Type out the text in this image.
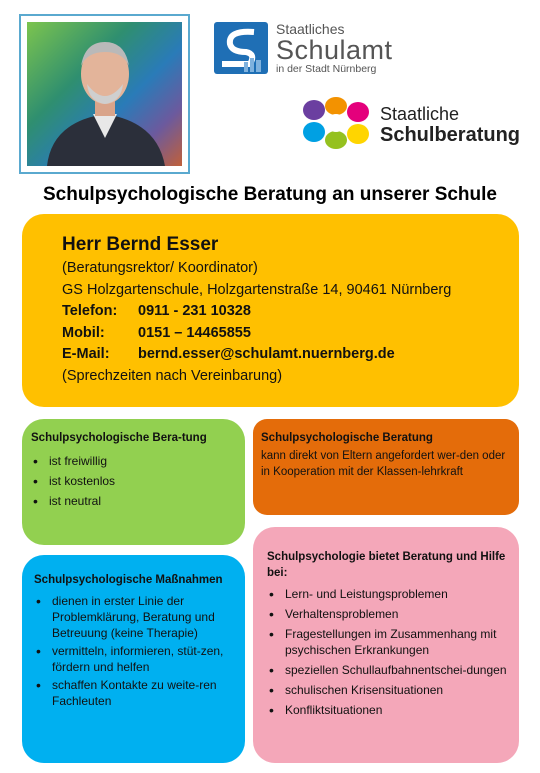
Staatliches
Schulamt
in der Stadt Nürnberg
Staatliche
Schulberatung
Schulpsychologische Beratung an unserer Schule
Herr Bernd Esser
(Beratungsrektor/ Koordinator)
GS Holzgartenschule, Holzgartenstraße 14, 90461 Nürnberg
Telefon: 0911 - 231 10328
Mobil: 0151 – 14465855
E-Mail: bernd.esser@schulamt.nuernberg.de
(Sprechzeiten nach Vereinbarung)
Schulpsychologische Bera-tung
• ist freiwillig
• ist kostenlos
• ist neutral
Schulpsychologische Beratung
kann direkt von Eltern angefordert wer-den oder in Kooperation mit der Klassen-lehrkraft
Schulpsychologische Maßnahmen
• dienen in erster Linie der Problemklärung, Beratung und Betreuung (keine Therapie)
• vermitteln, informieren, stüt-zen, fördern und helfen
• schaffen Kontakte zu weite-ren Fachleuten
Schulpsychologie bietet Beratung und Hilfe bei:
• Lern- und Leistungsproblemen
• Verhaltensproblemen
• Fragestellungen im Zusammenhang mit psychischen Erkrankungen
• speziellen Schullaufbahnentschei-dungen
• schulischen Krisensituationen
• Konfliktsituationen
